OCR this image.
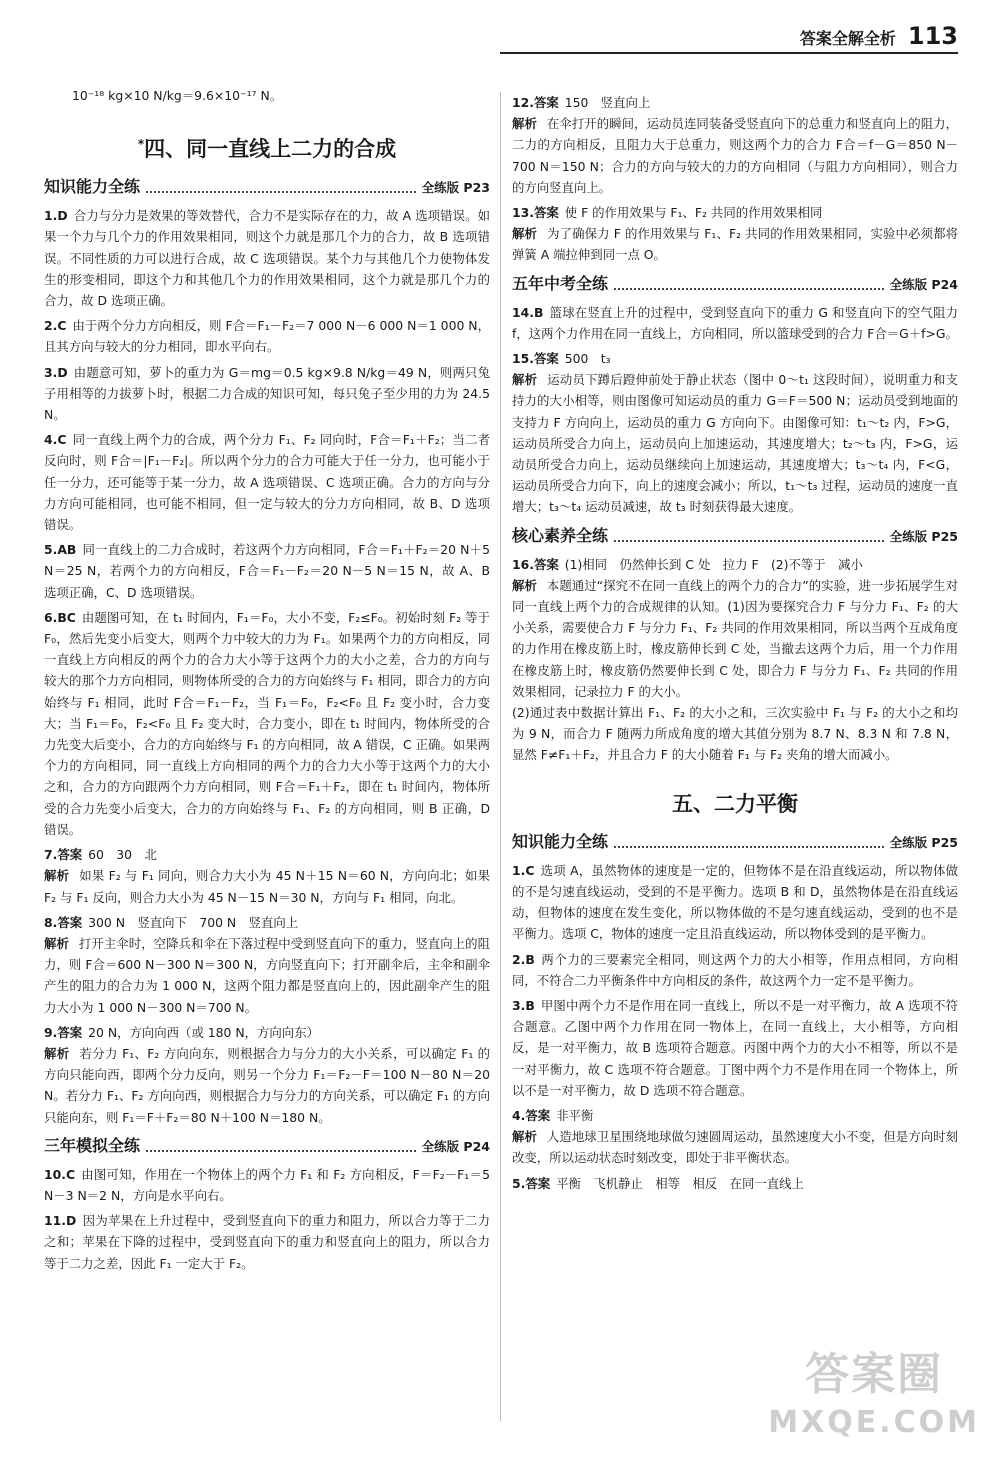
答案全解全析 113

10⁻¹⁸ kg×10 N/kg＝9.6×10⁻¹⁷ N。

*四、同一直线上二力的合成
知识能力全练	全练版 P23

1.D 合力与分力是效果的等效替代，合力不是实际存在的力，故 A 选项错误。如果一个力与几个力的作用效果相同，则这个力就是那几个力的合力，故 B 选项错误。不同性质的力可以进行合成，故 C 选项错误。某个力与其他几个力使物体发生的形变相同，即这个力和其他几个力的作用效果相同，这个力就是那几个力的合力，故 D 选项正确。

2.C 由于两个分力方向相反，则 F合＝F₁－F₂＝7 000 N－6 000 N＝1 000 N，且其方向与较大的分力相同，即水平向右。

3.D 由题意可知，萝卜的重力为 G＝mg＝0.5 kg×9.8 N/kg＝49 N，则两只兔子用相等的力拔萝卜时，根据二力合成的知识可知，每只兔子至少用的力为 24.5 N。

4.C 同一直线上两个力的合成，两个分力 F₁、F₂ 同向时，F合＝F₁＋F₂；当二者反向时，则 F合＝|F₁－F₂|。所以两个分力的合力可能大于任一分力，也可能小于任一分力，还可能等于某一分力，故 A 选项错误、C 选项正确。合力的方向与分力方向可能相同，也可能不相同，但一定与较大的分力方向相同，故 B、D 选项错误。

5.AB 同一直线上的二力合成时，若这两个力方向相同，F合＝F₁＋F₂＝20 N＋5 N＝25 N，若两个力的方向相反，F合＝F₁－F₂＝20 N－5 N＝15 N，故 A、B 选项正确，C、D 选项错误。

6.BC 由题图可知，在 t₁ 时间内，F₁＝F₀，大小不变，F₂≤F₀。初始时刻 F₂ 等于 F₀，然后先变小后变大，则两个力中较大的力为 F₁。如果两个力的方向相反，同一直线上方向相反的两个力的合力大小等于这两个力的大小之差，合力的方向与较大的那个力方向相同，则物体所受的合力的方向始终与 F₁ 相同，即合力的方向始终与 F₁ 相同，此时 F合＝F₁－F₂，当 F₁＝F₀，F₂<F₀ 且 F₂ 变小时，合力变大；当 F₁＝F₀，F₂<F₀ 且 F₂ 变大时，合力变小，即在 t₁ 时间内，物体所受的合力先变大后变小，合力的方向始终与 F₁ 的方向相同，故 A 错误，C 正确。如果两个力的方向相同，同一直线上方向相同的两个力的合力大小等于这两个力的大小之和，合力的方向跟两个力方向相同，则 F合＝F₁＋F₂，即在 t₁ 时间内，物体所受的合力先变小后变大，合力的方向始终与 F₁、F₂ 的方向相同，则 B 正确，D 错误。

7.答案 60　30　北

解析 如果 F₂ 与 F₁ 同向，则合力大小为 45 N＋15 N＝60 N，方向向北；如果 F₂ 与 F₁ 反向，则合力大小为 45 N－15 N＝30 N，方向与 F₁ 相同，向北。

8.答案 300 N　竖直向下　700 N　竖直向上

解析 打开主伞时，空降兵和伞在下落过程中受到竖直向下的重力，竖直向上的阻力，则 F合＝600 N－300 N＝300 N，方向竖直向下；打开副伞后，主伞和副伞产生的阻力的合力为 1 000 N，这两个阻力都是竖直向上的，因此副伞产生的阻力大小为 1 000 N－300 N＝700 N。

9.答案 20 N，方向向西（或 180 N，方向向东）

解析 若分力 F₁、F₂ 方向向东，则根据合力与分力的大小关系，可以确定 F₁ 的方向只能向西，即两个分力反向，则另一个分力 F₁＝F₂－F＝100 N－80 N＝20 N。若分力 F₁、F₂ 方向向西，则根据合力与分力的方向关系，可以确定 F₁ 的方向只能向东，则 F₁＝F＋F₂＝80 N＋100 N＝180 N。

三年模拟全练	全练版 P24

10.C 由图可知，作用在一个物体上的两个力 F₁ 和 F₂ 方向相反，F＝F₂－F₁＝5 N－3 N＝2 N，方向是水平向右。

11.D 因为苹果在上升过程中，受到竖直向下的重力和阻力，所以合力等于二力之和；苹果在下降的过程中，受到竖直向下的重力和竖直向上的阻力，所以合力等于二力之差，因此 F₁ 一定大于 F₂。

12.答案 150　竖直向上

解析 在伞打开的瞬间，运动员连同装备受竖直向下的总重力和竖直向上的阻力，二力的方向相反，且阻力大于总重力，则这两个力的合力 F合＝f－G＝850 N－700 N＝150 N；合力的方向与较大的力的方向相同（与阻力方向相同），则合力的方向竖直向上。

13.答案 使 F 的作用效果与 F₁、F₂ 共同的作用效果相同

解析 为了确保力 F 的作用效果与 F₁、F₂ 共同的作用效果相同，实验中必须都将弹簧 A 端拉伸到同一点 O。

五年中考全练	全练版 P24

14.B 篮球在竖直上升的过程中，受到竖直向下的重力 G 和竖直向下的空气阻力 f，这两个力作用在同一直线上，方向相同，所以篮球受到的合力 F合＝G＋f>G。

15.答案 500　t₃

解析 运动员下蹲后蹬伸前处于静止状态（图中 0～t₁ 这段时间），说明重力和支持力的大小相等，则由图像可知运动员的重力 G＝F＝500 N；运动员受到地面的支持力 F 方向向上，运动员的重力 G 方向向下。由图像可知：t₁～t₂ 内，F>G，运动员所受合力向上，运动员向上加速运动，其速度增大；t₂～t₃ 内，F>G，运动员所受合力向上，运动员继续向上加速运动，其速度增大；t₃～t₄ 内，F<G，运动员所受合力向下，向上的速度会减小；所以，t₁～t₃ 过程，运动员的速度一直增大；t₃～t₄ 运动员减速，故 t₃ 时刻获得最大速度。

核心素养全练	全练版 P25

16.答案 (1)相同　仍然伸长到 C 处　拉力 F　(2)不等于　减小

解析 本题通过“探究不在同一直线上的两个力的合力”的实验，进一步拓展学生对同一直线上两个力的合成规律的认知。(1)因为要探究合力 F 与分力 F₁、F₂ 的大小关系，需要使合力 F 与分力 F₁、F₂ 共同的作用效果相同，所以当两个互成角度的力作用在橡皮筋上时，橡皮筋伸长到 C 处，当撤去这两个力后，用一个力作用在橡皮筋上时，橡皮筋仍然要伸长到 C 处，即合力 F 与分力 F₁、F₂ 共同的作用效果相同，记录拉力 F 的大小。

(2)通过表中数据计算出 F₁、F₂ 的大小之和，三次实验中 F₁ 与 F₂ 的大小之和均为 9 N，而合力 F 随两力所成角度的增大其值分别为 8.7 N、8.3 N 和 7.8 N，显然 F≠F₁＋F₂，并且合力 F 的大小随着 F₁ 与 F₂ 夹角的增大而减小。

五、二力平衡
知识能力全练	全练版 P25

1.C 选项 A，虽然物体的速度是一定的，但物体不是在沿直线运动，所以物体做的不是匀速直线运动，受到的不是平衡力。选项 B 和 D，虽然物体是在沿直线运动，但物体的速度在发生变化，所以物体做的不是匀速直线运动，受到的也不是平衡力。选项 C，物体的速度一定且沿直线运动，所以物体受到的是平衡力。

2.B 两个力的三要素完全相同，则这两个力的大小相等，作用点相同，方向相同，不符合二力平衡条件中方向相反的条件，故这两个力一定不是平衡力。

3.B 甲图中两个力不是作用在同一直线上，所以不是一对平衡力，故 A 选项不符合题意。乙图中两个力作用在同一物体上，在同一直线上，大小相等，方向相反，是一对平衡力，故 B 选项符合题意。丙图中两个力的大小不相等，所以不是一对平衡力，故 C 选项不符合题意。丁图中两个力不是作用在同一个物体上，所以不是一对平衡力，故 D 选项不符合题意。

4.答案 非平衡

解析 人造地球卫星围绕地球做匀速圆周运动，虽然速度大小不变，但是方向时刻改变，所以运动状态时刻改变，即处于非平衡状态。

5.答案 平衡　飞机静止　相等　相反　在同一直线上

答案圈
MXQE.COM
